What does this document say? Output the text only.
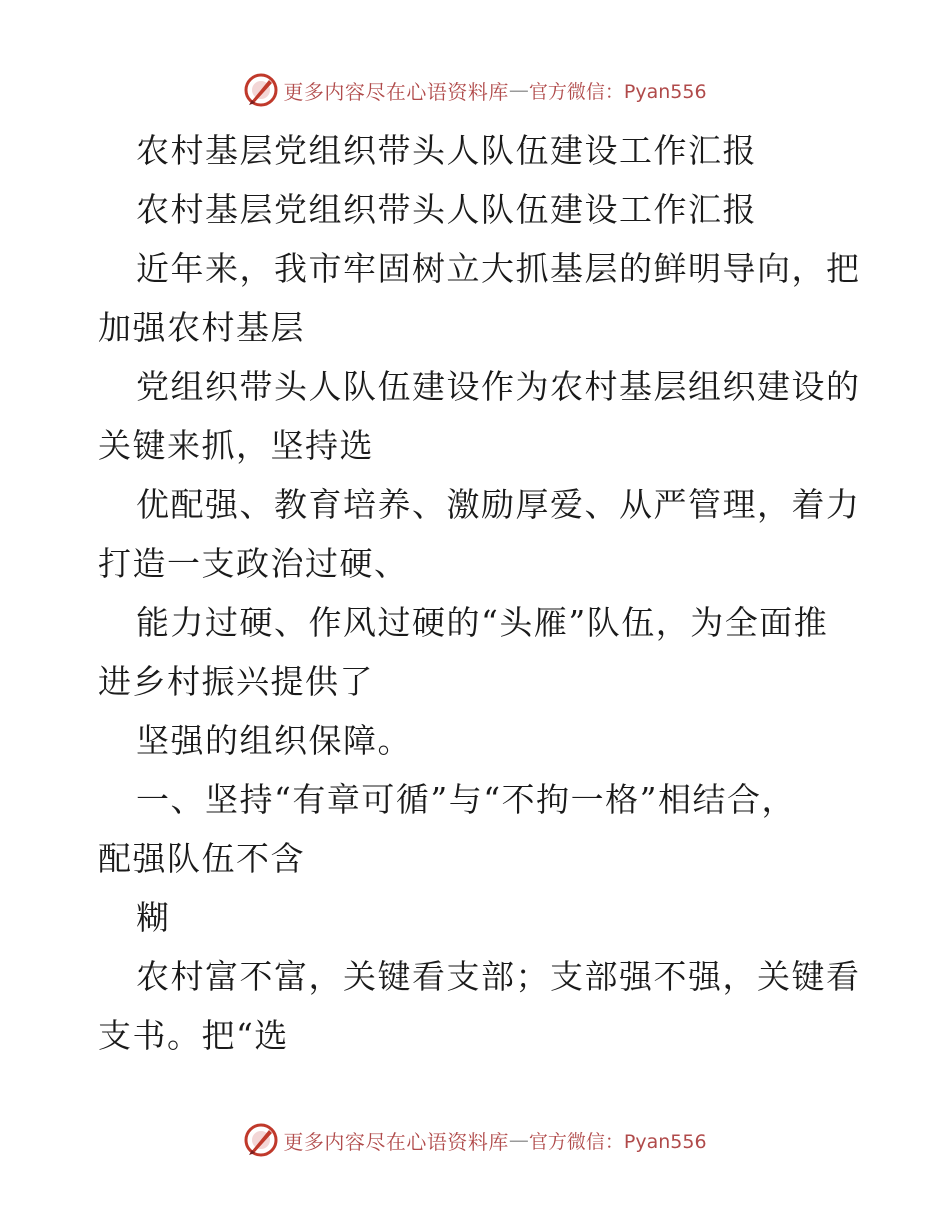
更多内容尽在心语资料库 — 官方微信：Pyan556
农村基层党组织带头人队伍建设工作汇报
农村基层党组织带头人队伍建设工作汇报
近年来，我市牢固树立大抓基层的鲜明导向，把
加强农村基层
党组织带头人队伍建设作为农村基层组织建设的
关键来抓，坚持选
优配强、教育培养、激励厚爱、从严管理，着力
打造一支政治过硬、
能力过硬、作风过硬的“头雁”队伍，为全面推
进乡村振兴提供了
坚强的组织保障。
一、坚持“有章可循”与“不拘一格”相结合，
配强队伍不含
糊
农村富不富，关键看支部；支部强不强，关键看
支书。把“选
更多内容尽在心语资料库 — 官方微信：Pyan556
